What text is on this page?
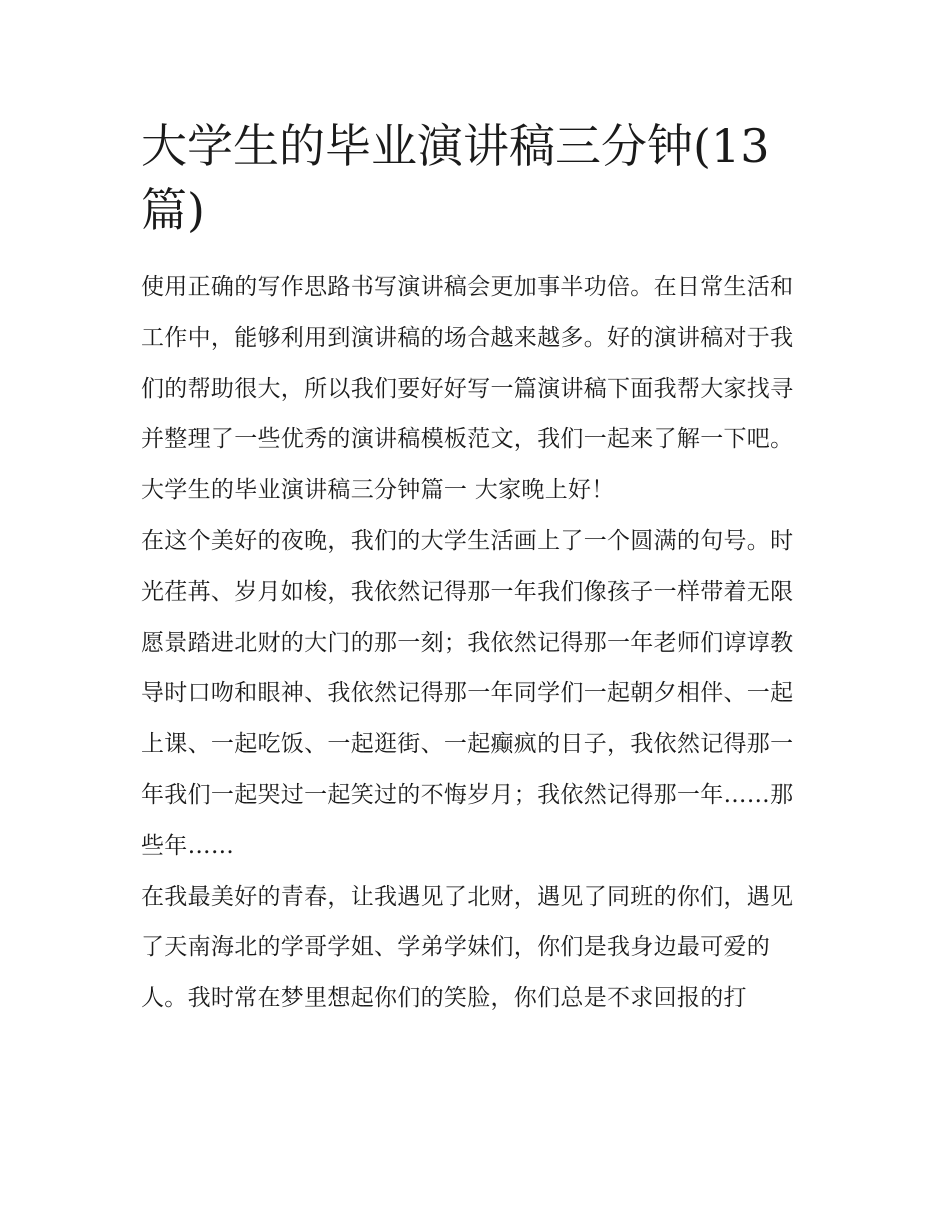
大学生的毕业演讲稿三分钟(13篇)

使用正确的写作思路书写演讲稿会更加事半功倍。在日常生活和工作中，能够利用到演讲稿的场合越来越多。好的演讲稿对于我们的帮助很大，所以我们要好好写一篇演讲稿下面我帮大家找寻并整理了一些优秀的演讲稿模板范文，我们一起来了解一下吧。

大学生的毕业演讲稿三分钟篇一 大家晚上好！

在这个美好的夜晚，我们的大学生活画上了一个圆满的句号。时光荏苒、岁月如梭，我依然记得那一年我们像孩子一样带着无限愿景踏进北财的大门的那一刻；我依然记得那一年老师们谆谆教导时口吻和眼神、我依然记得那一年同学们一起朝夕相伴、一起上课、一起吃饭、一起逛街、一起癫疯的日子，我依然记得那一年我们一起哭过一起笑过的不悔岁月；我依然记得那一年……那些年……

在我最美好的青春，让我遇见了北财，遇见了同班的你们，遇见了天南海北的学哥学姐、学弟学妹们，你们是我身边最可爱的人。我时常在梦里想起你们的笑脸，你们总是不求回报的打
